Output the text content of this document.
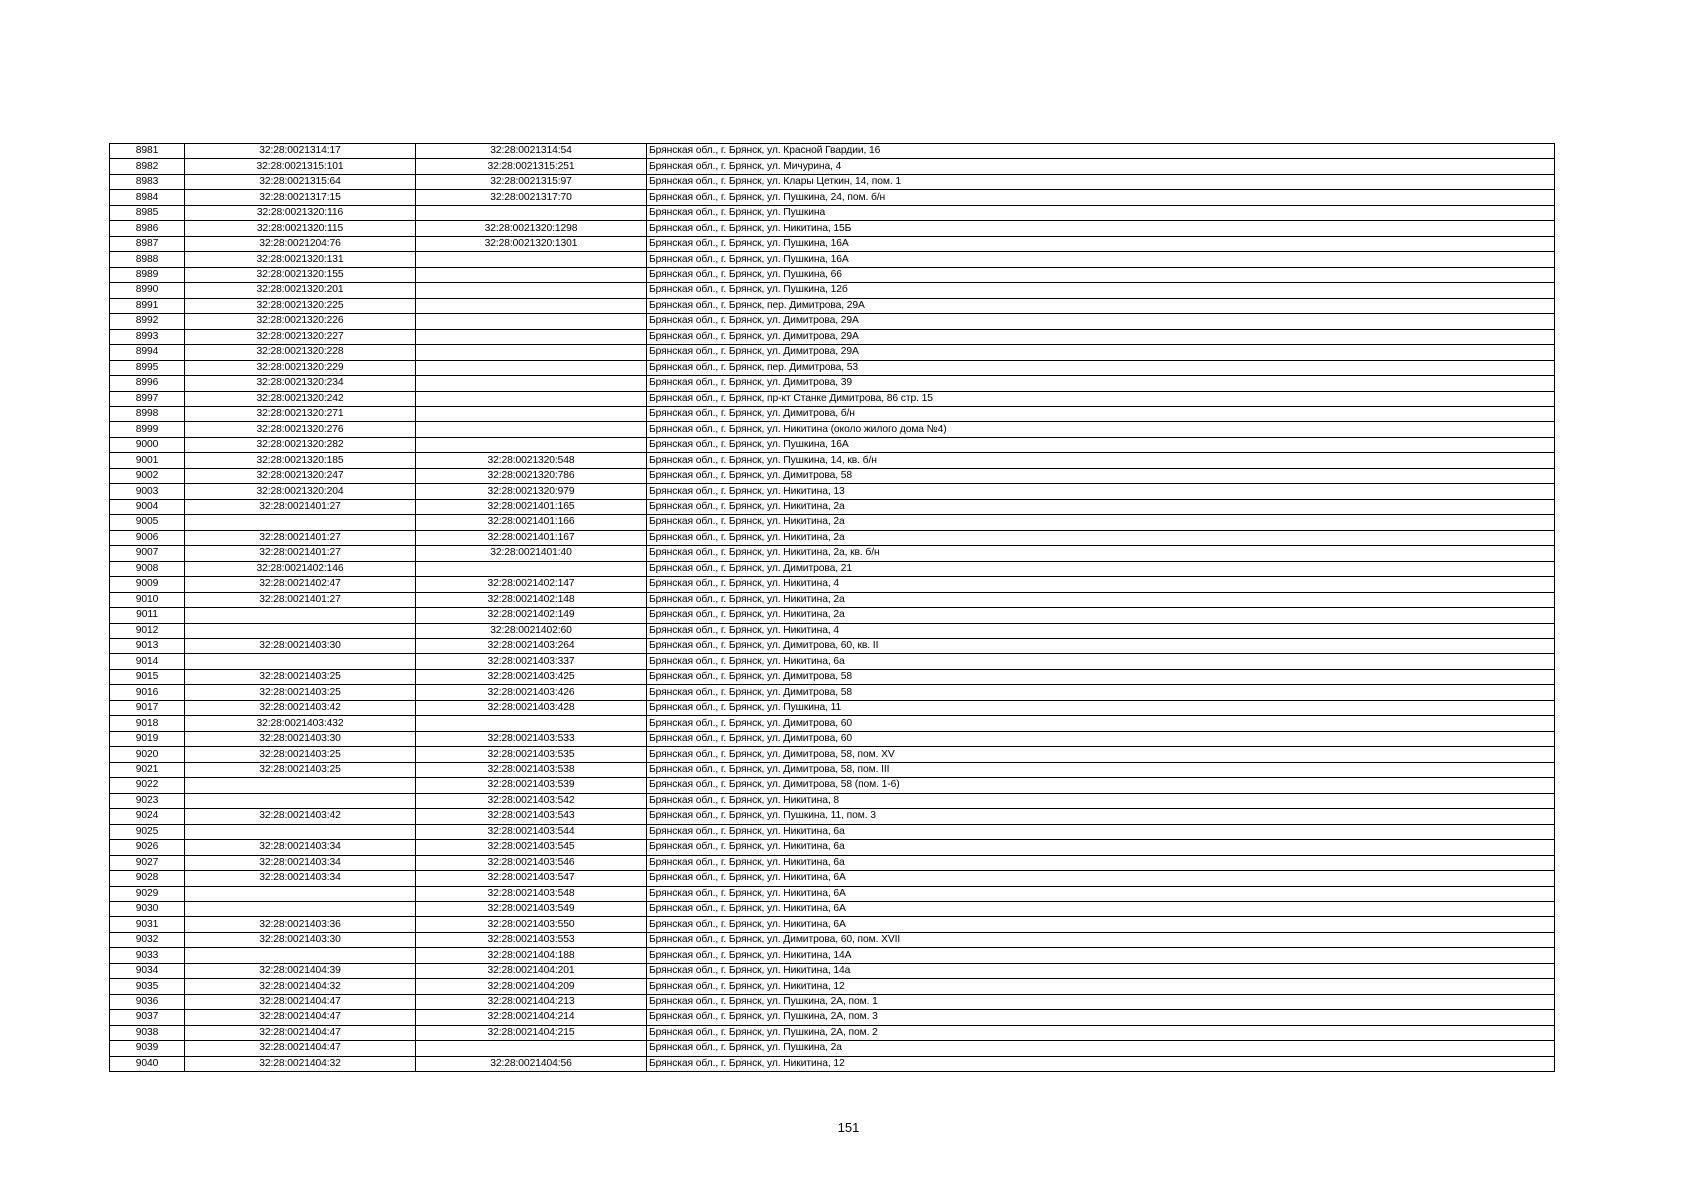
8981	32:28:0021314:17	32:28:0021314:54	Брянская обл., г. Брянск, ул. Красной Гвардии, 16
8982	32:28:0021315:101	32:28:0021315:251	Брянская обл., г. Брянск, ул. Мичурина, 4
8983	32:28:0021315:64	32:28:0021315:97	Брянская обл., г. Брянск, ул. Клары Цеткин, 14, пом. 1
8984	32:28:0021317:15	32:28:0021317:70	Брянская обл., г. Брянск, ул. Пушкина, 24, пом. б/н
8985	32:28:0021320:116		Брянская обл., г. Брянск, ул. Пушкина
8986	32:28:0021320:115	32:28:0021320:1298	Брянская обл., г. Брянск, ул. Никитина, 15Б
8987	32:28:0021204:76	32:28:0021320:1301	Брянская обл., г. Брянск, ул. Пушкина, 16А
8988	32:28:0021320:131		Брянская обл., г. Брянск, ул. Пушкина, 16А
8989	32:28:0021320:155		Брянская обл., г. Брянск, ул. Пушкина, 66
8990	32:28:0021320:201		Брянская обл., г. Брянск, ул. Пушкина, 12б
8991	32:28:0021320:225		Брянская обл., г. Брянск, пер. Димитрова, 29А
8992	32:28:0021320:226		Брянская обл., г. Брянск, ул. Димитрова, 29А
8993	32:28:0021320:227		Брянская обл., г. Брянск, ул. Димитрова, 29А
8994	32:28:0021320:228		Брянская обл., г. Брянск, ул. Димитрова, 29А
8995	32:28:0021320:229		Брянская обл., г. Брянск, пер. Димитрова, 53
8996	32:28:0021320:234		Брянская обл., г. Брянск, ул. Димитрова, 39
8997	32:28:0021320:242		Брянская обл., г. Брянск, пр-кт Станке Димитрова, 86 стр. 15
8998	32:28:0021320:271		Брянская обл., г. Брянск, ул. Димитрова, б/н
8999	32:28:0021320:276		Брянская обл., г. Брянск, ул. Никитина (около жилого дома №4)
9000	32:28:0021320:282		Брянская обл., г. Брянск, ул. Пушкина, 16А
9001	32:28:0021320:185	32:28:0021320:548	Брянская обл., г. Брянск, ул. Пушкина, 14, кв. б/н
9002	32:28:0021320:247	32:28:0021320:786	Брянская обл., г. Брянск, ул. Димитрова, 58
9003	32:28:0021320:204	32:28:0021320:979	Брянская обл., г. Брянск, ул. Никитина, 13
9004	32:28:0021401:27	32:28:0021401:165	Брянская обл., г. Брянск, ул. Никитина, 2а
9005		32:28:0021401:166	Брянская обл., г. Брянск, ул. Никитина, 2а
9006	32:28:0021401:27	32:28:0021401:167	Брянская обл., г. Брянск, ул. Никитина, 2а
9007	32:28:0021401:27	32:28:0021401:40	Брянская обл., г. Брянск, ул. Никитина, 2а, кв. б/н
9008	32:28:0021402:146		Брянская обл., г. Брянск, ул. Димитрова, 21
9009	32:28:0021402:47	32:28:0021402:147	Брянская обл., г. Брянск, ул. Никитина, 4
9010	32:28:0021401:27	32:28:0021402:148	Брянская обл., г. Брянск, ул. Никитина, 2а
9011		32:28:0021402:149	Брянская обл., г. Брянск, ул. Никитина, 2а
9012		32:28:0021402:60	Брянская обл., г. Брянск, ул. Никитина, 4
9013	32:28:0021403:30	32:28:0021403:264	Брянская обл., г. Брянск, ул. Димитрова, 60, кв. II
9014		32:28:0021403:337	Брянская обл., г. Брянск, ул. Никитина, 6а
9015	32:28:0021403:25	32:28:0021403:425	Брянская обл., г. Брянск, ул. Димитрова, 58
9016	32:28:0021403:25	32:28:0021403:426	Брянская обл., г. Брянск, ул. Димитрова, 58
9017	32:28:0021403:42	32:28:0021403:428	Брянская обл., г. Брянск, ул. Пушкина, 11
9018	32:28:0021403:432		Брянская обл., г. Брянск, ул. Димитрова, 60
9019	32:28:0021403:30	32:28:0021403:533	Брянская обл., г. Брянск, ул. Димитрова, 60
9020	32:28:0021403:25	32:28:0021403:535	Брянская обл., г. Брянск, ул. Димитрова, 58, пом. XV
9021	32:28:0021403:25	32:28:0021403:538	Брянская обл., г. Брянск, ул. Димитрова, 58, пом. III
9022		32:28:0021403:539	Брянская обл., г. Брянск, ул. Димитрова, 58 (пом. 1-6)
9023		32:28:0021403:542	Брянская обл., г. Брянск, ул. Никитина, 8
9024	32:28:0021403:42	32:28:0021403:543	Брянская обл., г. Брянск, ул. Пушкина, 11, пом. 3
9025		32:28:0021403:544	Брянская обл., г. Брянск, ул. Никитина, 6а
9026	32:28:0021403:34	32:28:0021403:545	Брянская обл., г. Брянск, ул. Никитина, 6а
9027	32:28:0021403:34	32:28:0021403:546	Брянская обл., г. Брянск, ул. Никитина, 6а
9028	32:28:0021403:34	32:28:0021403:547	Брянская обл., г. Брянск, ул. Никитина, 6А
9029		32:28:0021403:548	Брянская обл., г. Брянск, ул. Никитина, 6А
9030		32:28:0021403:549	Брянская обл., г. Брянск, ул. Никитина, 6А
9031	32:28:0021403:36	32:28:0021403:550	Брянская обл., г. Брянск, ул. Никитина, 6А
9032	32:28:0021403:30	32:28:0021403:553	Брянская обл., г. Брянск, ул. Димитрова, 60, пом. XVII
9033		32:28:0021404:188	Брянская обл., г. Брянск, ул. Никитина, 14А
9034	32:28:0021404:39	32:28:0021404:201	Брянская обл., г. Брянск, ул. Никитина, 14а
9035	32:28:0021404:32	32:28:0021404:209	Брянская обл., г. Брянск, ул. Никитина, 12
9036	32:28:0021404:47	32:28:0021404:213	Брянская обл., г. Брянск, ул. Пушкина, 2А, пом. 1
9037	32:28:0021404:47	32:28:0021404:214	Брянская обл., г. Брянск, ул. Пушкина, 2А, пом. 3
9038	32:28:0021404:47	32:28:0021404:215	Брянская обл., г. Брянск, ул. Пушкина, 2А, пом. 2
9039	32:28:0021404:47		Брянская обл., г. Брянск, ул. Пушкина, 2а
9040	32:28:0021404:32	32:28:0021404:56	Брянская обл., г. Брянск, ул. Никитина, 12
151
